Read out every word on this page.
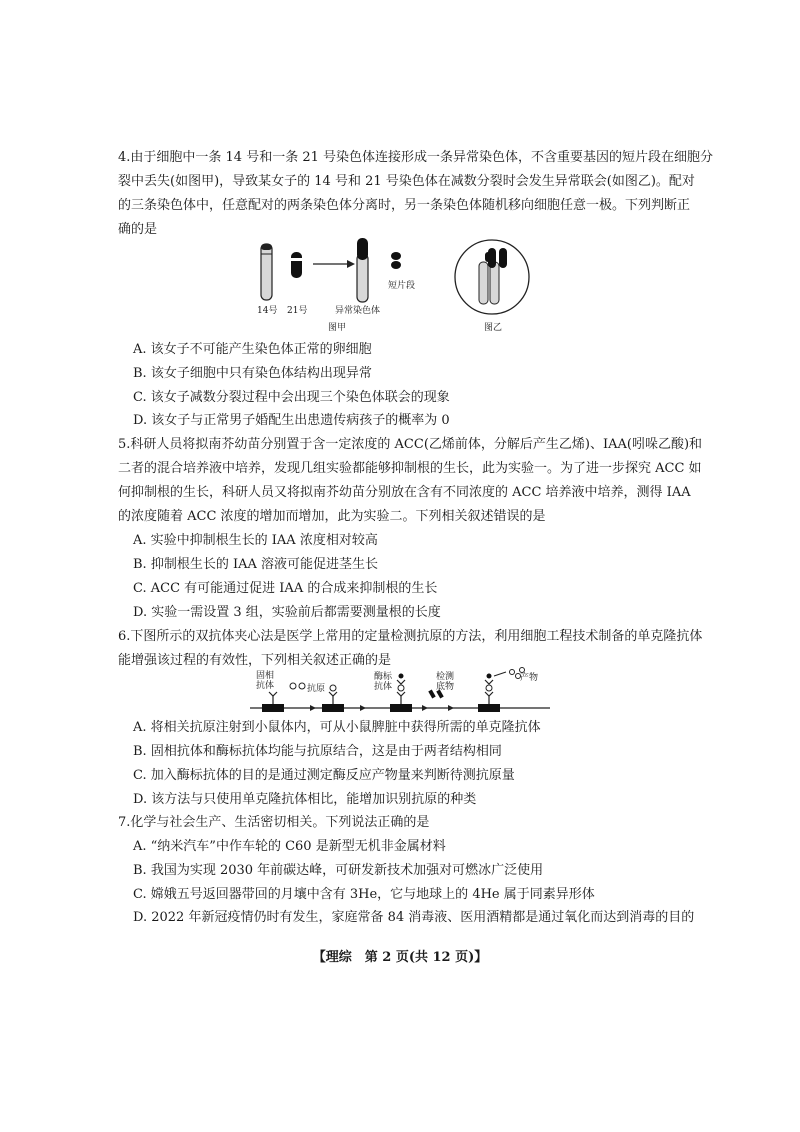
4.由于细胞中一条 14 号和一条 21 号染色体连接形成一条异常染色体，不含重要基因的短片段在细胞分
裂中丢失(如图甲)，导致某女子的 14 号和 21 号染色体在减数分裂时会发生异常联会(如图乙)。配对
的三条染色体中，任意配对的两条染色体分离时，另一条染色体随机移向细胞任意一极。下列判断正
确的是
14号 21号	异常染色体
短片段
图甲	图乙
A. 该女子不可能产生染色体正常的卵细胞
B. 该女子细胞中只有染色体结构出现异常
C. 该女子减数分裂过程中会出现三个染色体联会的现象
D. 该女子与正常男子婚配生出患遗传病孩子的概率为 0
5.科研人员将拟南芥幼苗分别置于含一定浓度的 ACC(乙烯前体，分解后产生乙烯)、IAA(吲哚乙酸)和
二者的混合培养液中培养，发现几组实验都能够抑制根的生长，此为实验一。为了进一步探究 ACC 如
何抑制根的生长，科研人员又将拟南芥幼苗分别放在含有不同浓度的 ACC 培养液中培养，测得 IAA
的浓度随着 ACC 浓度的增加而增加，此为实验二。下列相关叙述错误的是
A. 实验中抑制根生长的 IAA 浓度相对较高
B. 抑制根生长的 IAA 溶液可能促进茎生长
C. ACC 有可能通过促进 IAA 的合成来抑制根的生长
D. 实验一需设置 3 组，实验前后都需要测量根的长度
6.下图所示的双抗体夹心法是医学上常用的定量检测抗原的方法，利用细胞工程技术制备的单克隆抗体
能增强该过程的有效性，下列相关叙述正确的是
固相抗体	抗原
酶标抗体
检测底物
产物
A. 将相关抗原注射到小鼠体内，可从小鼠脾脏中获得所需的单克隆抗体
B. 固相抗体和酶标抗体均能与抗原结合，这是由于两者结构相同
C. 加入酶标抗体的目的是通过测定酶反应产物量来判断待测抗原量
D. 该方法与只使用单克隆抗体相比，能增加识别抗原的种类
7.化学与社会生产、生活密切相关。下列说法正确的是
A. “纳米汽车”中作车轮的 C60 是新型无机非金属材料
B. 我国为实现 2030 年前碳达峰，可研发新技术加强对可燃冰广泛使用
C. 嫦娥五号返回器带回的月壤中含有 3He，它与地球上的 4He 属于同素异形体
D. 2022 年新冠疫情仍时有发生，家庭常备 84 消毒液、医用酒精都是通过氧化而达到消毒的目的
【理综　第 2 页(共 12 页)】
